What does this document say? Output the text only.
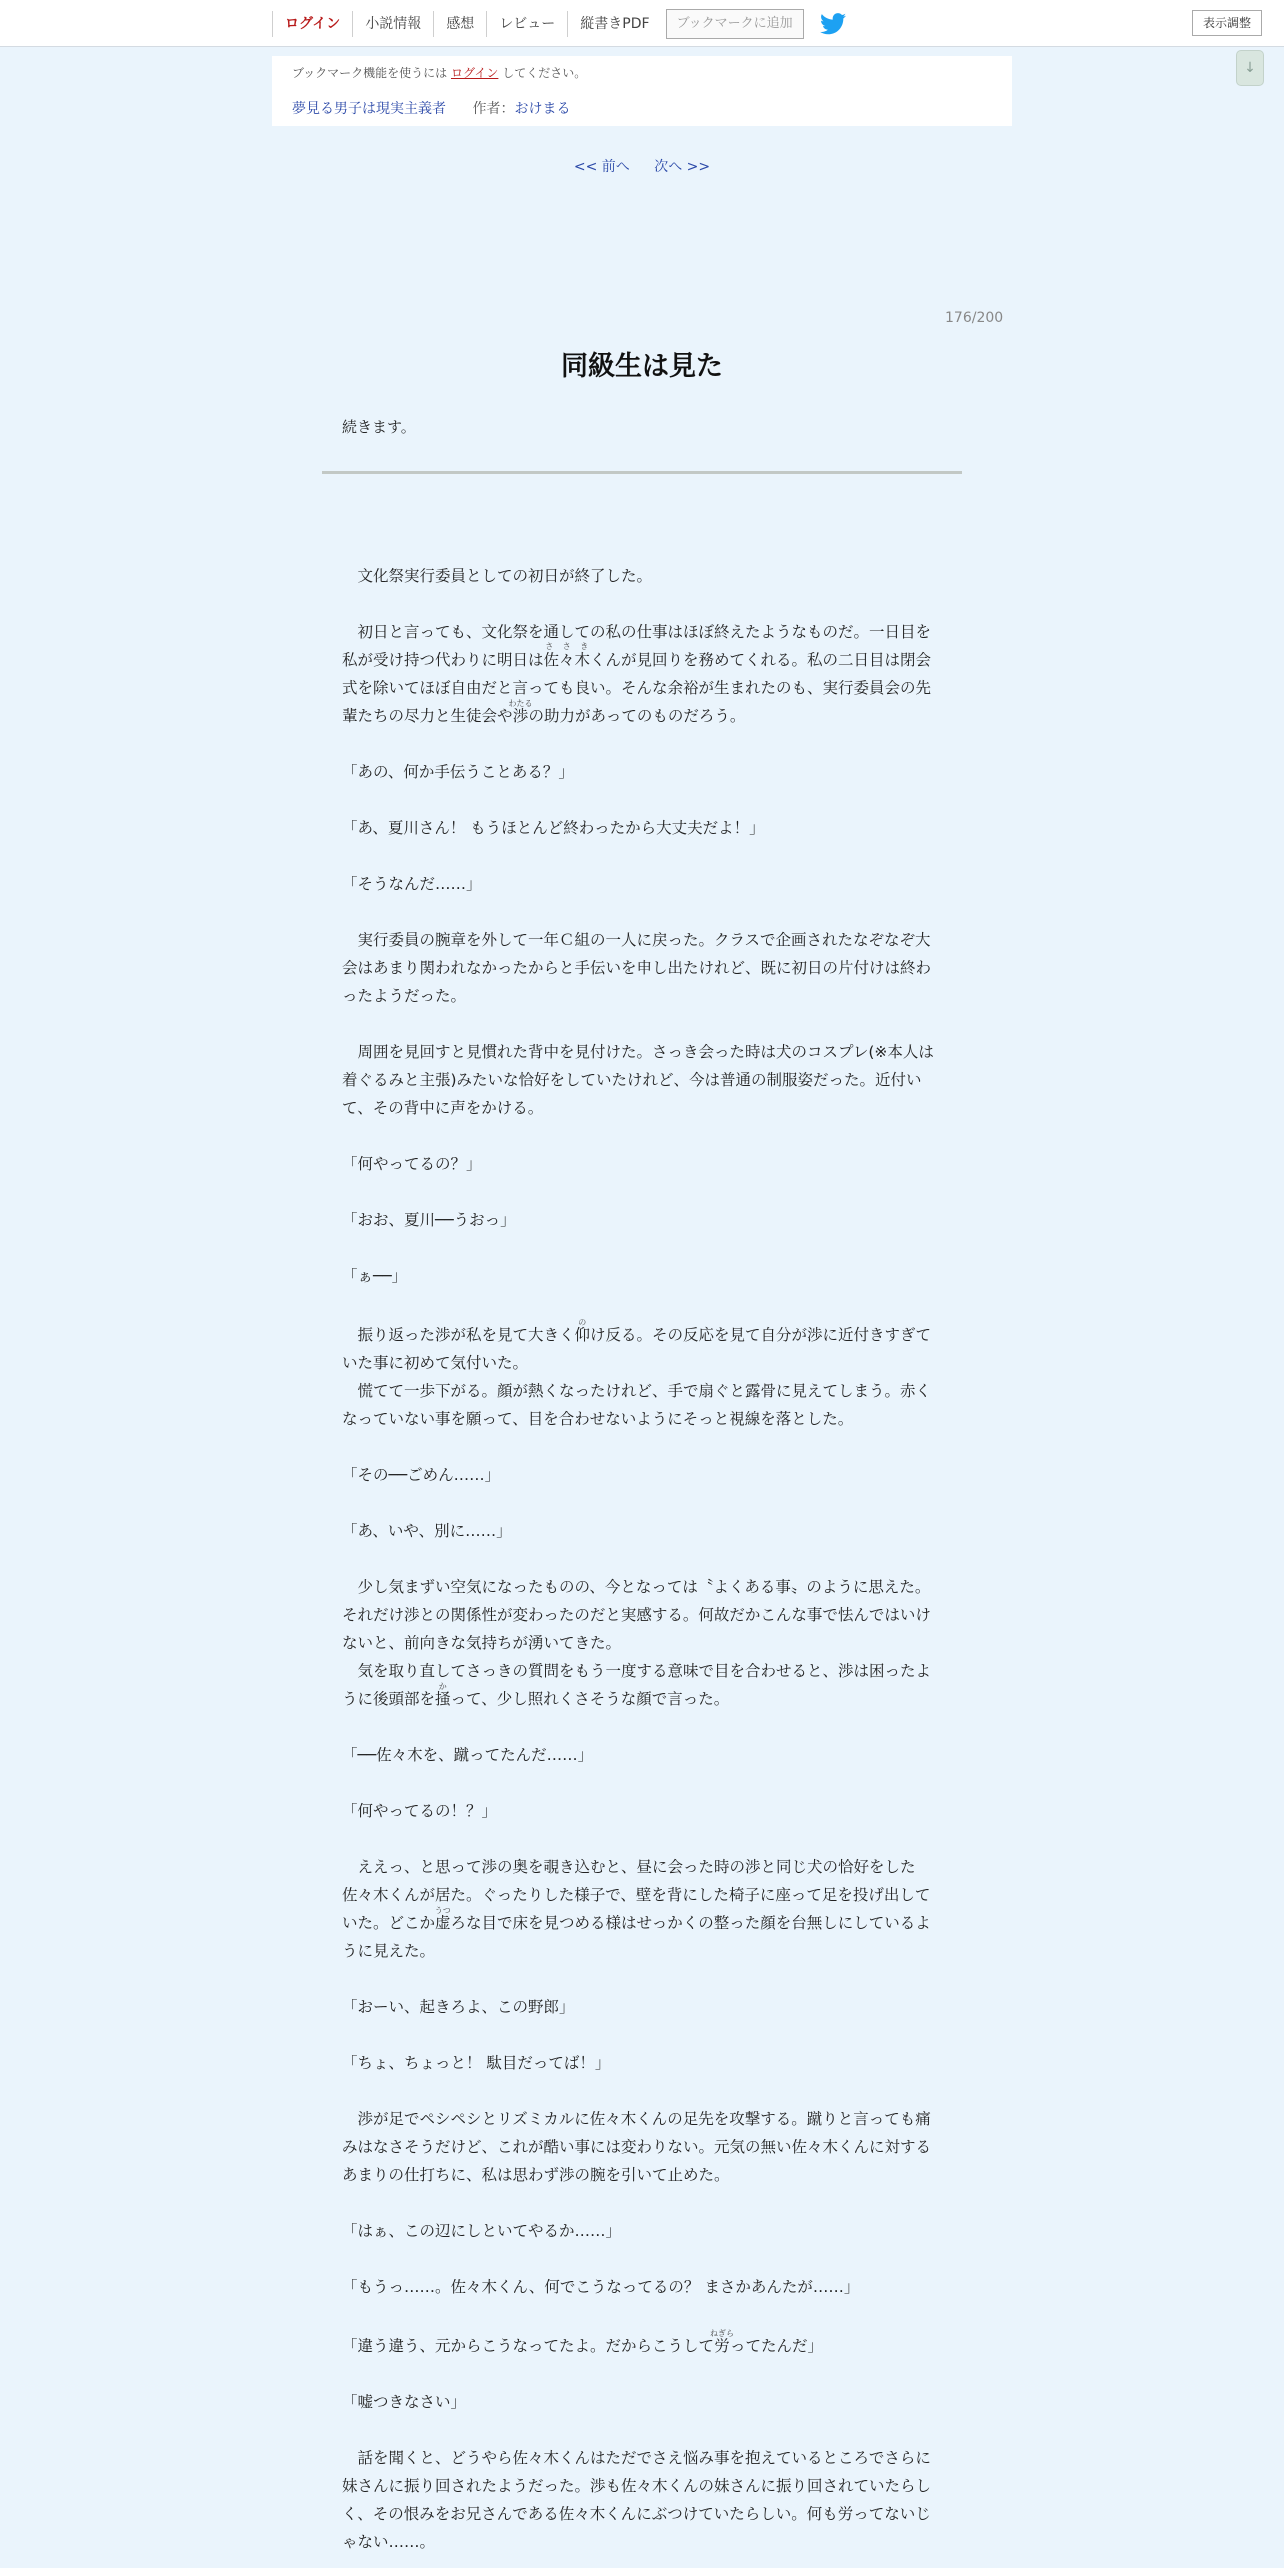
ログイン	小説情報	感想	レビュー	縦書きPDF	ブックマークに追加	表示調整
↓
ブックマーク機能を使うには ログイン してください。
夢見る男子は現実主義者 作者：おけまる
<< 前へ 次へ >>
176/200
同級生は見た
続きます。

　文化祭実行委員としての初日が終了した。

　初日と言っても、文化祭を通しての私の仕事はほぼ終えたようなものだ。一日目を私が受け持つ代わりに明日は佐々木さ さ きくんが見回りを務めてくれる。私の二日目は閉会式を除いてほぼ自由だと言っても良い。そんな余裕が生まれたのも、実行委員会の先輩たちの尽力と生徒会や渉わたるの助力があってのものだろう。

「あの、何か手伝うことある？」

「あ、夏川さん！ もうほとんど終わったから大丈夫だよ！」

「そうなんだ……」

　実行委員の腕章を外して一年Ｃ組の一人に戻った。クラスで企画されたなぞなぞ大会はあまり関われなかったからと手伝いを申し出たけれど、既に初日の片付けは終わったようだった。

　周囲を見回すと見慣れた背中を見付けた。さっき会った時は犬のコスプレ(※本人は着ぐるみと主張)みたいな恰好をしていたけれど、今は普通の制服姿だった。近付いて、その背中に声をかける。

「何やってるの？」

「おお、夏川──うおっ」

「ぁ──」

　振り返った渉が私を見て大きく仰のけ反る。その反応を見て自分が渉に近付きすぎていた事に初めて気付いた。

　慌てて一歩下がる。顔が熱くなったけれど、手で扇ぐと露骨に見えてしまう。赤くなっていない事を願って、目を合わせないようにそっと視線を落とした。

「その──ごめん……」

「あ、いや、別に……」

　少し気まずい空気になったものの、今となっては〝よくある事〟のように思えた。それだけ渉との関係性が変わったのだと実感する。何故だかこんな事で怯んではいけないと、前向きな気持ちが湧いてきた。

　気を取り直してさっきの質問をもう一度する意味で目を合わせると、渉は困ったように後頭部を掻かって、少し照れくさそうな顔で言った。

「──佐々木を、蹴ってたんだ……」

「何やってるの！？」

　ええっ、と思って渉の奥を覗き込むと、昼に会った時の渉と同じ犬の恰好をした佐々木くんが居た。ぐったりした様子で、壁を背にした椅子に座って足を投げ出していた。どこか虚うつろな目で床を見つめる様はせっかくの整った顔を台無しにしているように見えた。

「おーい、起きろよ、この野郎」

「ちょ、ちょっと！ 駄目だってば！」

　渉が足でペシペシとリズミカルに佐々木くんの足先を攻撃する。蹴りと言っても痛みはなさそうだけど、これが酷い事には変わりない。元気の無い佐々木くんに対するあまりの仕打ちに、私は思わず渉の腕を引いて止めた。

「はぁ、この辺にしといてやるか……」

「もうっ……。佐々木くん、何でこうなってるの？ まさかあんたが……」

「違う違う、元からこうなってたよ。だからこうして労ねぎらってたんだ」

「嘘つきなさい」

　話を聞くと、どうやら佐々木くんはただでさえ悩み事を抱えているところでさらに妹さんに振り回されたようだった。渉も佐々木くんの妹さんに振り回されていたらしく、その恨みをお兄さんである佐々木くんにぶつけていたらしい。何も労ってないじゃない……。
